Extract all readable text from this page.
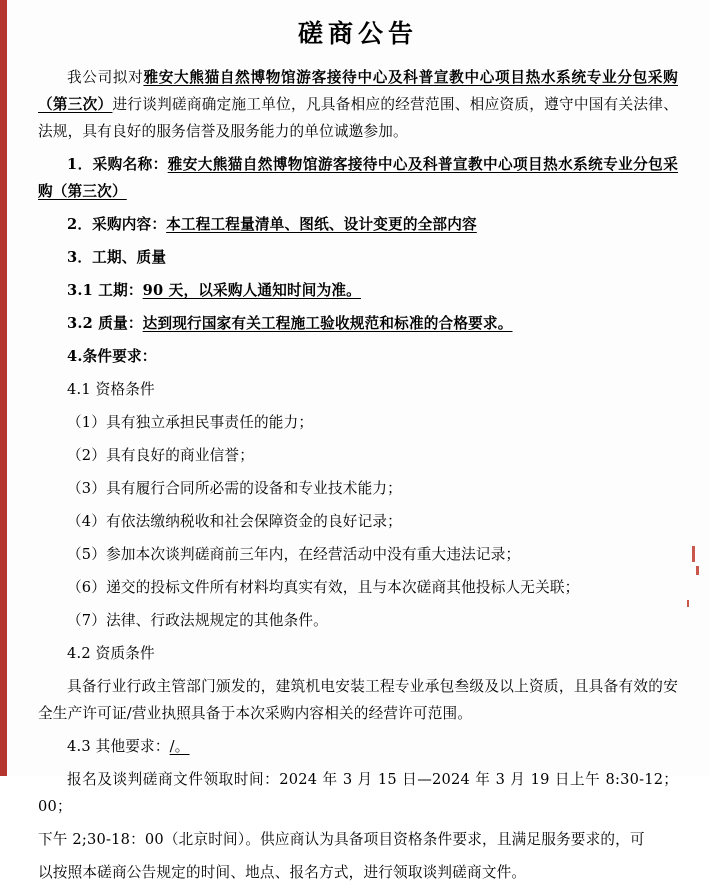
磋商公告

我公司拟对雅安大熊猫自然博物馆游客接待中心及科普宣教中心项目热水系统专业分包采购（第三次）进行谈判磋商确定施工单位，凡具备相应的经营范围、相应资质，遵守中国有关法律、法规，具有良好的服务信誉及服务能力的单位诚邀参加。

1．采购名称：雅安大熊猫自然博物馆游客接待中心及科普宣教中心项目热水系统专业分包采购（第三次）

2．采购内容：本工程工程量清单、图纸、设计变更的全部内容

3．工期、质量

3.1 工期：90 天，以采购人通知时间为准。

3.2 质量：达到现行国家有关工程施工验收规范和标准的合格要求。

4.条件要求：

4.1 资格条件

（1）具有独立承担民事责任的能力；

（2）具有良好的商业信誉；

（3）具有履行合同所必需的设备和专业技术能力；

（4）有依法缴纳税收和社会保障资金的良好记录；

（5）参加本次谈判磋商前三年内，在经营活动中没有重大违法记录；

（6）递交的投标文件所有材料均真实有效，且与本次磋商其他投标人无关联；

（7）法律、行政法规规定的其他条件。

4.2 资质条件

具备行业行政主管部门颁发的，建筑机电安装工程专业承包叁级及以上资质，且具备有效的安全生产许可证/营业执照具备于本次采购内容相关的经营许可范围。

4.3 其他要求：/。

报名及谈判磋商文件领取时间：2024 年 3 月 15 日—2024 年 3 月 19 日上午 8:30-12；00；

下午 2;30-18：00（北京时间）。供应商认为具备项目资格条件要求，且满足服务要求的，可

以按照本磋商公告规定的时间、地点、报名方式，进行领取谈判磋商文件。
